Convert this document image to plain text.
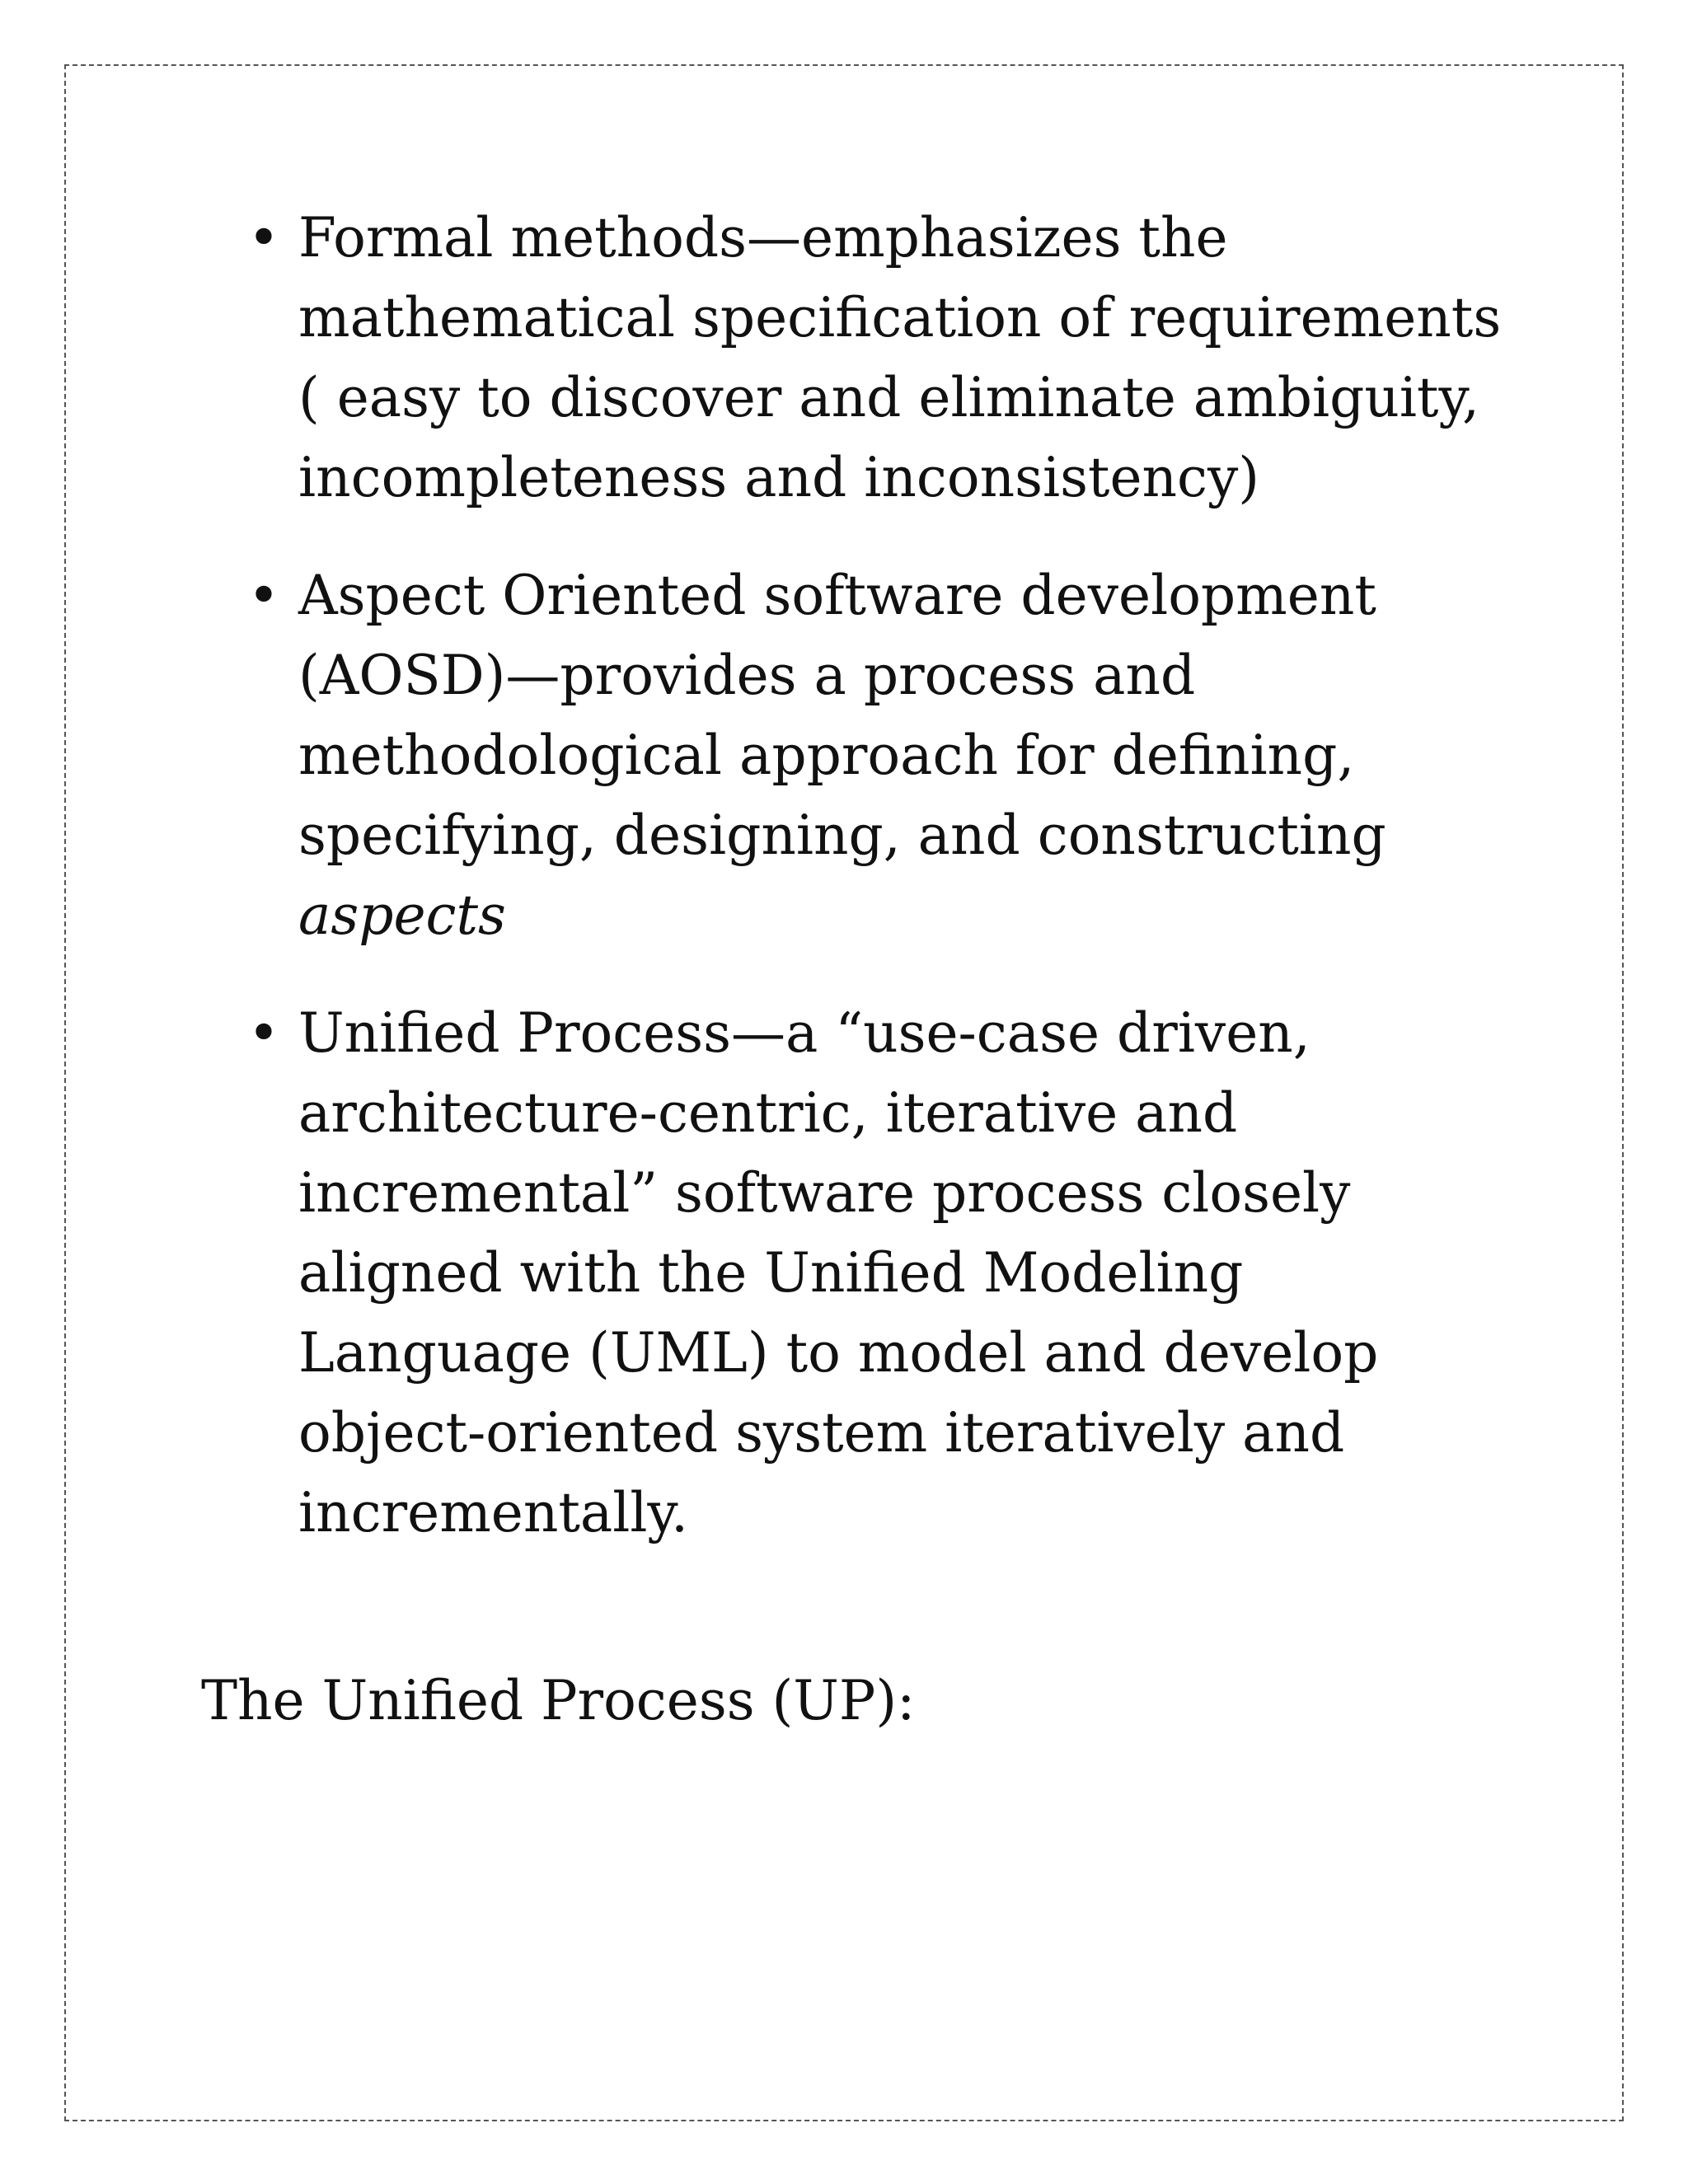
• Formal methods—emphasizes the mathematical specification of requirements ( easy to discover and eliminate ambiguity, incompleteness and inconsistency)
• Aspect Oriented software development (AOSD)—provides a process and methodological approach for defining, specifying, designing, and constructing aspects
• Unified Process—a “use-case driven, architecture-centric, iterative and incremental” software process closely aligned with the Unified Modeling Language (UML) to model and develop object-oriented system iteratively and incrementally.
The Unified Process (UP):
